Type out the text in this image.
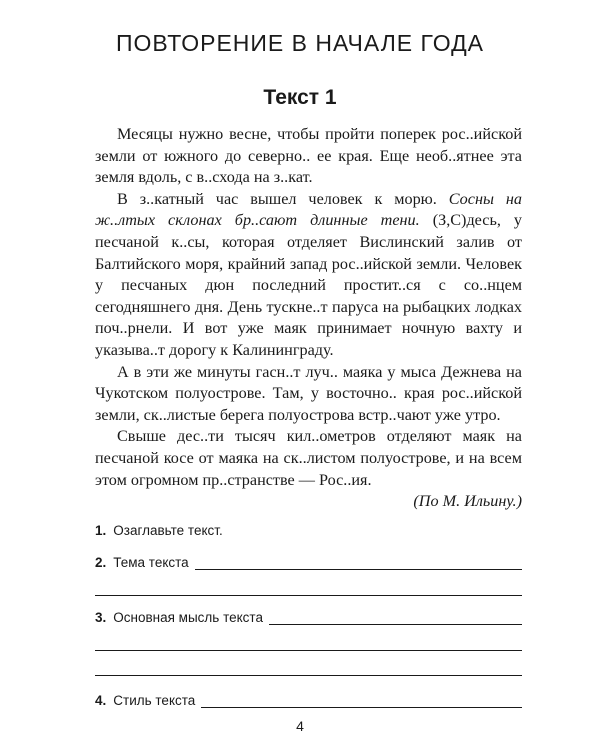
ПОВТОРЕНИЕ В НАЧАЛЕ ГОДА
Текст 1

Месяцы нужно весне, чтобы пройти поперек рос..ийской земли от южного до северно.. ее края. Еще необ..ятнее эта земля вдоль, с в..схода на з..кат.

В з..катный час вышел человек к морю. Сосны на ж..лтых склонах бр..сают длинные тени. (З,С)десь, у песчаной к..сы, которая отделяет Вислинский залив от Балтийского моря, крайний запад рос..ийской земли. Человек у песчаных дюн последний простит..ся с со..нцем сегодняшнего дня. День тускне..т паруса на рыбацких лодках поч..рнели. И вот уже маяк принимает ночную вахту и указыва..т дорогу к Калининграду.

А в эти же минуты гасн..т луч.. маяка у мыса Дежнева на Чукотском полуострове. Там, у восточно.. края рос..ийской земли, ск..листые берега полуострова встр..чают уже утро.

Свыше дес..ти тысяч кил..ометров отделяют маяк на песчаной косе от маяка на ск..листом полуострове, и на всем этом огромном пр..странстве — Рос..ия.

(По М. Ильину.)

1. Озаглавьте текст.
2. Тема текста
3. Основная мысль текста
4. Стиль текста
4
